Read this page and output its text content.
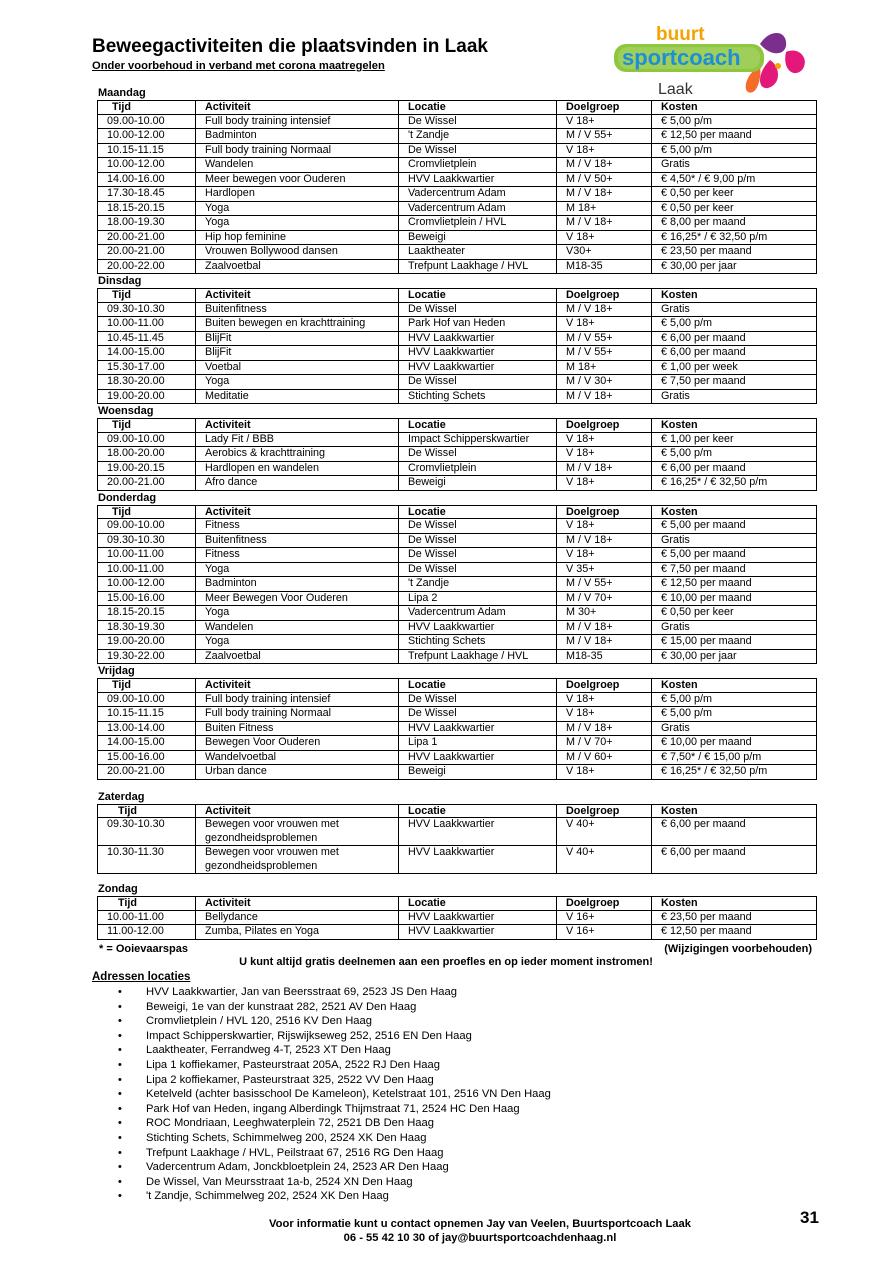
Beweegactiviteiten die plaatsvinden in Laak
Onder voorbehoud in verband met corona maatregelen
buurt
sportcoach
Laak
Maandag
Tijd	Activiteit	Locatie	Doelgroep	Kosten
09.00-10.00	Full body training intensief	De Wissel	V 18+	€ 5,00 p/m
10.00-12.00	Badminton	't Zandje	M / V 55+	€ 12,50 per maand
10.15-11.15	Full body training Normaal	De Wissel	V 18+	€ 5,00 p/m
10.00-12.00	Wandelen	Cromvlietplein	M / V 18+	Gratis
14.00-16.00	Meer bewegen voor Ouderen	HVV Laakkwartier	M / V 50+	€ 4,50* / € 9,00 p/m
17.30-18.45	Hardlopen	Vadercentrum Adam	M / V 18+	€ 0,50 per keer
18.15-20.15	Yoga	Vadercentrum Adam	M 18+	€ 0,50 per keer
18.00-19.30	Yoga	Cromvlietplein / HVL	M / V 18+	€ 8,00 per maand
20.00-21.00	Hip hop feminine	Beweigi	V 18+	€ 16,25* / € 32,50 p/m
20.00-21.00	Vrouwen Bollywood dansen	Laaktheater	V30+	€ 23,50 per maand
20.00-22.00	Zaalvoetbal	Trefpunt Laakhage / HVL	M18-35	€ 30,00 per jaar
Dinsdag
Tijd	Activiteit	Locatie	Doelgroep	Kosten
09.30-10.30	Buitenfitness	De Wissel	M / V 18+	Gratis
10.00-11.00	Buiten bewegen en krachttraining	Park Hof van Heden	V 18+	€ 5,00 p/m
10.45-11.45	BlijFit	HVV Laakkwartier	M / V 55+	€ 6,00 per maand
14.00-15.00	BlijFit	HVV Laakkwartier	M / V 55+	€ 6,00 per maand
15.30-17.00	Voetbal	HVV Laakkwartier	M 18+	€ 1,00 per week
18.30-20.00	Yoga	De Wissel	M / V 30+	€ 7,50 per maand
19.00-20.00	Meditatie	Stichting Schets	M / V 18+	Gratis
Woensdag
Tijd	Activiteit	Locatie	Doelgroep	Kosten
09.00-10.00	Lady Fit / BBB	Impact Schipperskwartier	V 18+	€ 1,00 per keer
18.00-20.00	Aerobics & krachttraining	De Wissel	V 18+	€ 5,00 p/m
19.00-20.15	Hardlopen en wandelen	Cromvlietplein	M / V 18+	€ 6,00 per maand
20.00-21.00	Afro dance	Beweigi	V 18+	€ 16,25* / € 32,50 p/m
Donderdag
Tijd	Activiteit	Locatie	Doelgroep	Kosten
09.00-10.00	Fitness	De Wissel	V 18+	€ 5,00 per maand
09.30-10.30	Buitenfitness	De Wissel	M / V 18+	Gratis
10.00-11.00	Fitness	De Wissel	V 18+	€ 5,00 per maand
10.00-11.00	Yoga	De Wissel	V 35+	€ 7,50 per maand
10.00-12.00	Badminton	't Zandje	M / V 55+	€ 12,50 per maand
15.00-16.00	Meer Bewegen Voor Ouderen	Lipa 2	M / V 70+	€ 10,00 per maand
18.15-20.15	Yoga	Vadercentrum Adam	M 30+	€ 0,50 per keer
18.30-19.30	Wandelen	HVV Laakkwartier	M / V 18+	Gratis
19.00-20.00	Yoga	Stichting Schets	M / V 18+	€ 15,00 per maand
19.30-22.00	Zaalvoetbal	Trefpunt Laakhage / HVL	M18-35	€ 30,00 per jaar
Vrijdag
Tijd	Activiteit	Locatie	Doelgroep	Kosten
09.00-10.00	Full body training intensief	De Wissel	V 18+	€ 5,00 p/m
10.15-11.15	Full body training Normaal	De Wissel	V 18+	€ 5,00 p/m
13.00-14.00	Buiten Fitness	HVV Laakkwartier	M / V 18+	Gratis
14.00-15.00	Bewegen Voor Ouderen	Lipa 1	M / V 70+	€ 10,00 per maand
15.00-16.00	Wandelvoetbal	HVV Laakkwartier	M / V 60+	€ 7,50* / € 15,00 p/m
20.00-21.00	Urban dance	Beweigi	V 18+	€ 16,25* / € 32,50 p/m
Zaterdag
Tijd	Activiteit	Locatie	Doelgroep	Kosten
09.30-10.30	Bewegen voor vrouwen met gezondheidsproblemen	HVV Laakkwartier	V 40+	€ 6,00 per maand
10.30-11.30	Bewegen voor vrouwen met gezondheidsproblemen	HVV Laakkwartier	V 40+	€ 6,00 per maand
Zondag
Tijd	Activiteit	Locatie	Doelgroep	Kosten
10.00-11.00	Bellydance	HVV Laakkwartier	V 16+	€ 23,50 per maand
11.00-12.00	Zumba, Pilates en Yoga	HVV Laakkwartier	V 16+	€ 12,50 per maand
* = Ooievaarspas	(Wijzigingen voorbehouden)
U kunt altijd gratis deelnemen aan een proefles en op ieder moment instromen!
Adressen locaties
• HVV Laakkwartier, Jan van Beersstraat 69, 2523 JS Den Haag
• Beweigi, 1e van der kunstraat 282, 2521 AV Den Haag
• Cromvlietplein / HVL 120, 2516 KV Den Haag
• Impact Schipperskwartier, Rijswijkseweg 252, 2516 EN Den Haag
• Laaktheater, Ferrandweg 4-T, 2523 XT Den Haag
• Lipa 1 koffiekamer, Pasteurstraat 205A, 2522 RJ Den Haag
• Lipa 2 koffiekamer, Pasteurstraat 325, 2522 VV Den Haag
• Ketelveld (achter basisschool De Kameleon), Ketelstraat 101, 2516 VN Den Haag
• Park Hof van Heden, ingang Alberdingk Thijmstraat 71, 2524 HC Den Haag
• ROC Mondriaan, Leeghwaterplein 72, 2521 DB Den Haag
• Stichting Schets, Schimmelweg 200, 2524 XK Den Haag
• Trefpunt Laakhage / HVL, Peilstraat 67, 2516 RG Den Haag
• Vadercentrum Adam, Jonckbloetplein 24, 2523 AR Den Haag
• De Wissel, Van Meursstraat 1a-b, 2524 XN Den Haag
• 't Zandje, Schimmelweg 202, 2524 XK Den Haag
Voor informatie kunt u contact opnemen Jay van Veelen, Buurtsportcoach Laak
06 - 55 42 10 30 of jay@buurtsportcoachdenhaag.nl
31
